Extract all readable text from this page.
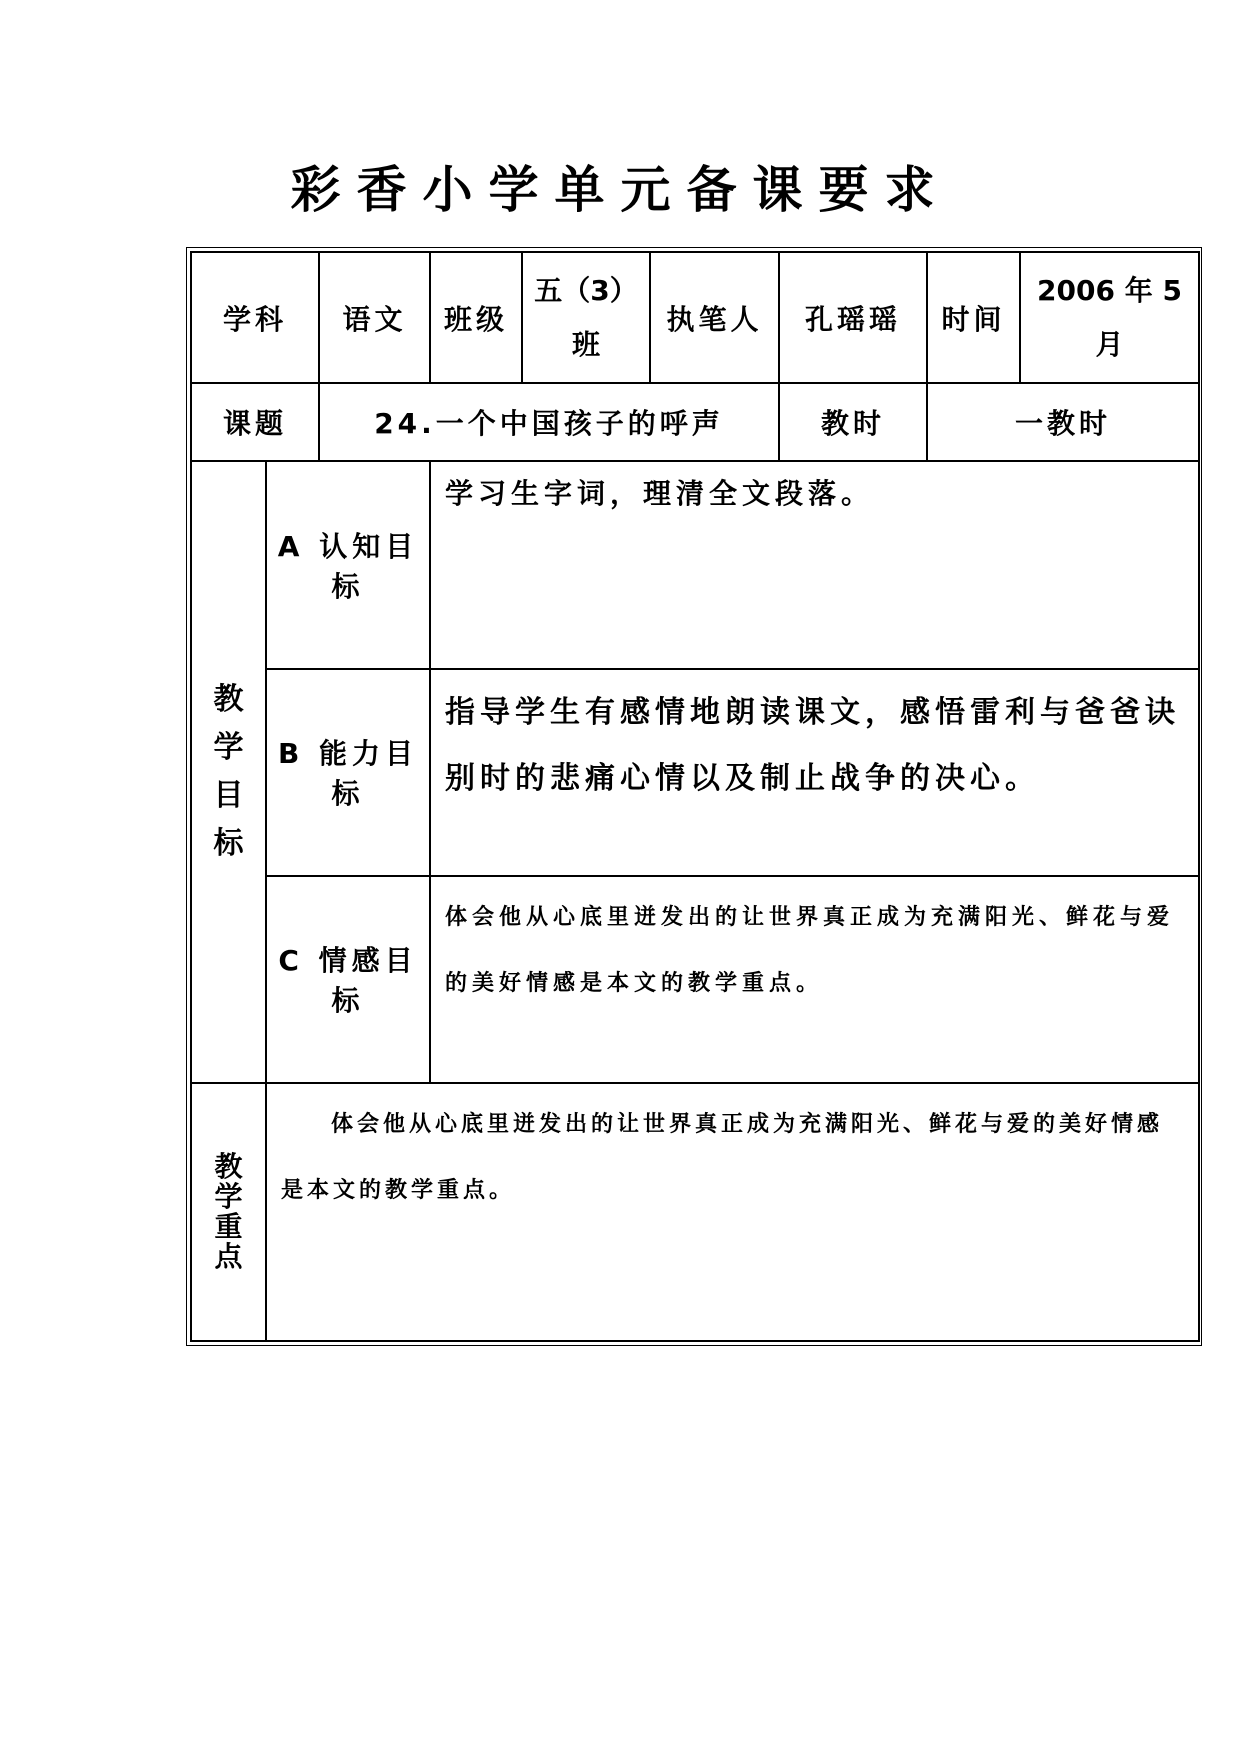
彩香小学单元备课要求
学科		语文	班级	五（3）班	执笔人	孔瑶瑶	时间	2006 年 5 月
课题		24.一个中国孩子的呼声				教时	一教时	

教学目标	A 认知目标		学习生字词，理清全文段落。					
	B 能力目标		指导学生有感情地朗读课文，感悟雷利与爸爸诀别时的悲痛心情以及制止战争的决心。					
	C 情感目标		体会他从心底里迸发出的让世界真正成为充满阳光、鲜花与爱的美好情感是本文的教学重点。					

教学重点	体会他从心底里迸发出的让世界真正成为充满阳光、鲜花与爱的美好情感是本文的教学重点。							
